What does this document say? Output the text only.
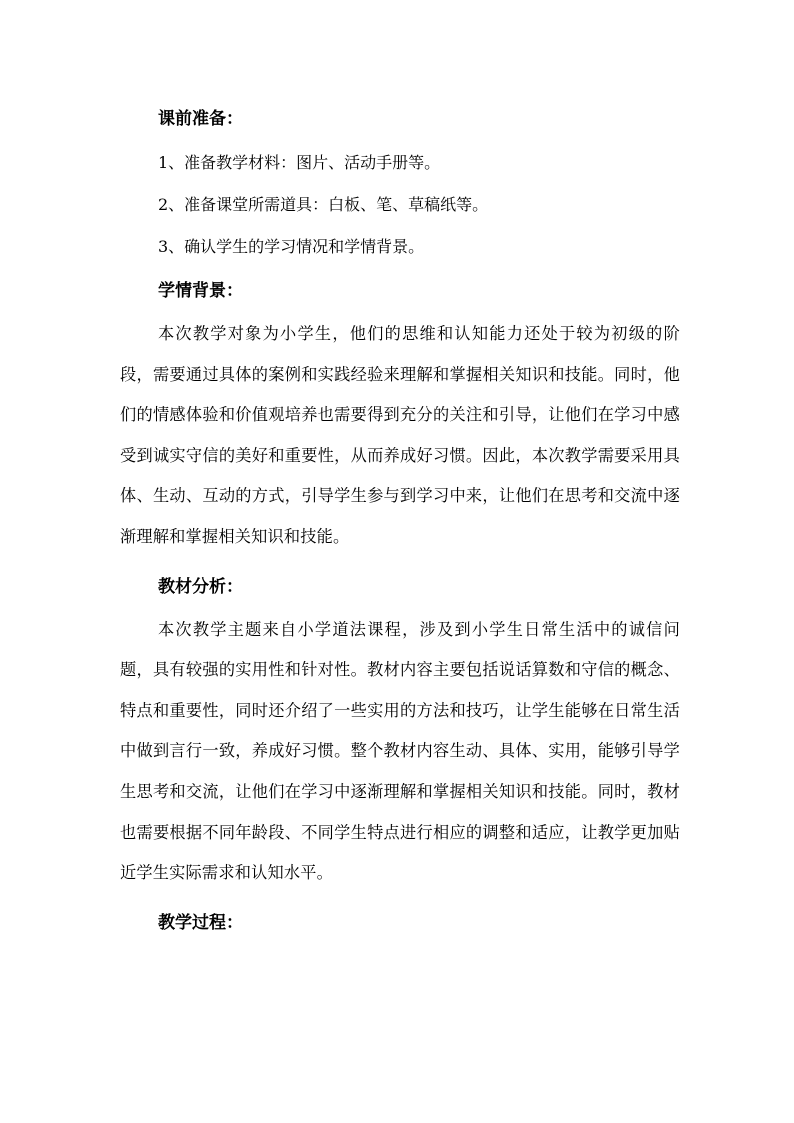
课前准备：

1、准备教学材料：图片、活动手册等。

2、准备课堂所需道具：白板、笔、草稿纸等。

3、确认学生的学习情况和学情背景。

学情背景：

本次教学对象为小学生，他们的思维和认知能力还处于较为初级的阶段，需要通过具体的案例和实践经验来理解和掌握相关知识和技能。同时，他们的情感体验和价值观培养也需要得到充分的关注和引导，让他们在学习中感受到诚实守信的美好和重要性，从而养成好习惯。因此，本次教学需要采用具体、生动、互动的方式，引导学生参与到学习中来，让他们在思考和交流中逐渐理解和掌握相关知识和技能。

教材分析：

本次教学主题来自小学道法课程，涉及到小学生日常生活中的诚信问题，具有较强的实用性和针对性。教材内容主要包括说话算数和守信的概念、特点和重要性，同时还介绍了一些实用的方法和技巧，让学生能够在日常生活中做到言行一致，养成好习惯。整个教材内容生动、具体、实用，能够引导学生思考和交流，让他们在学习中逐渐理解和掌握相关知识和技能。同时，教材也需要根据不同年龄段、不同学生特点进行相应的调整和适应，让教学更加贴近学生实际需求和认知水平。

教学过程：
